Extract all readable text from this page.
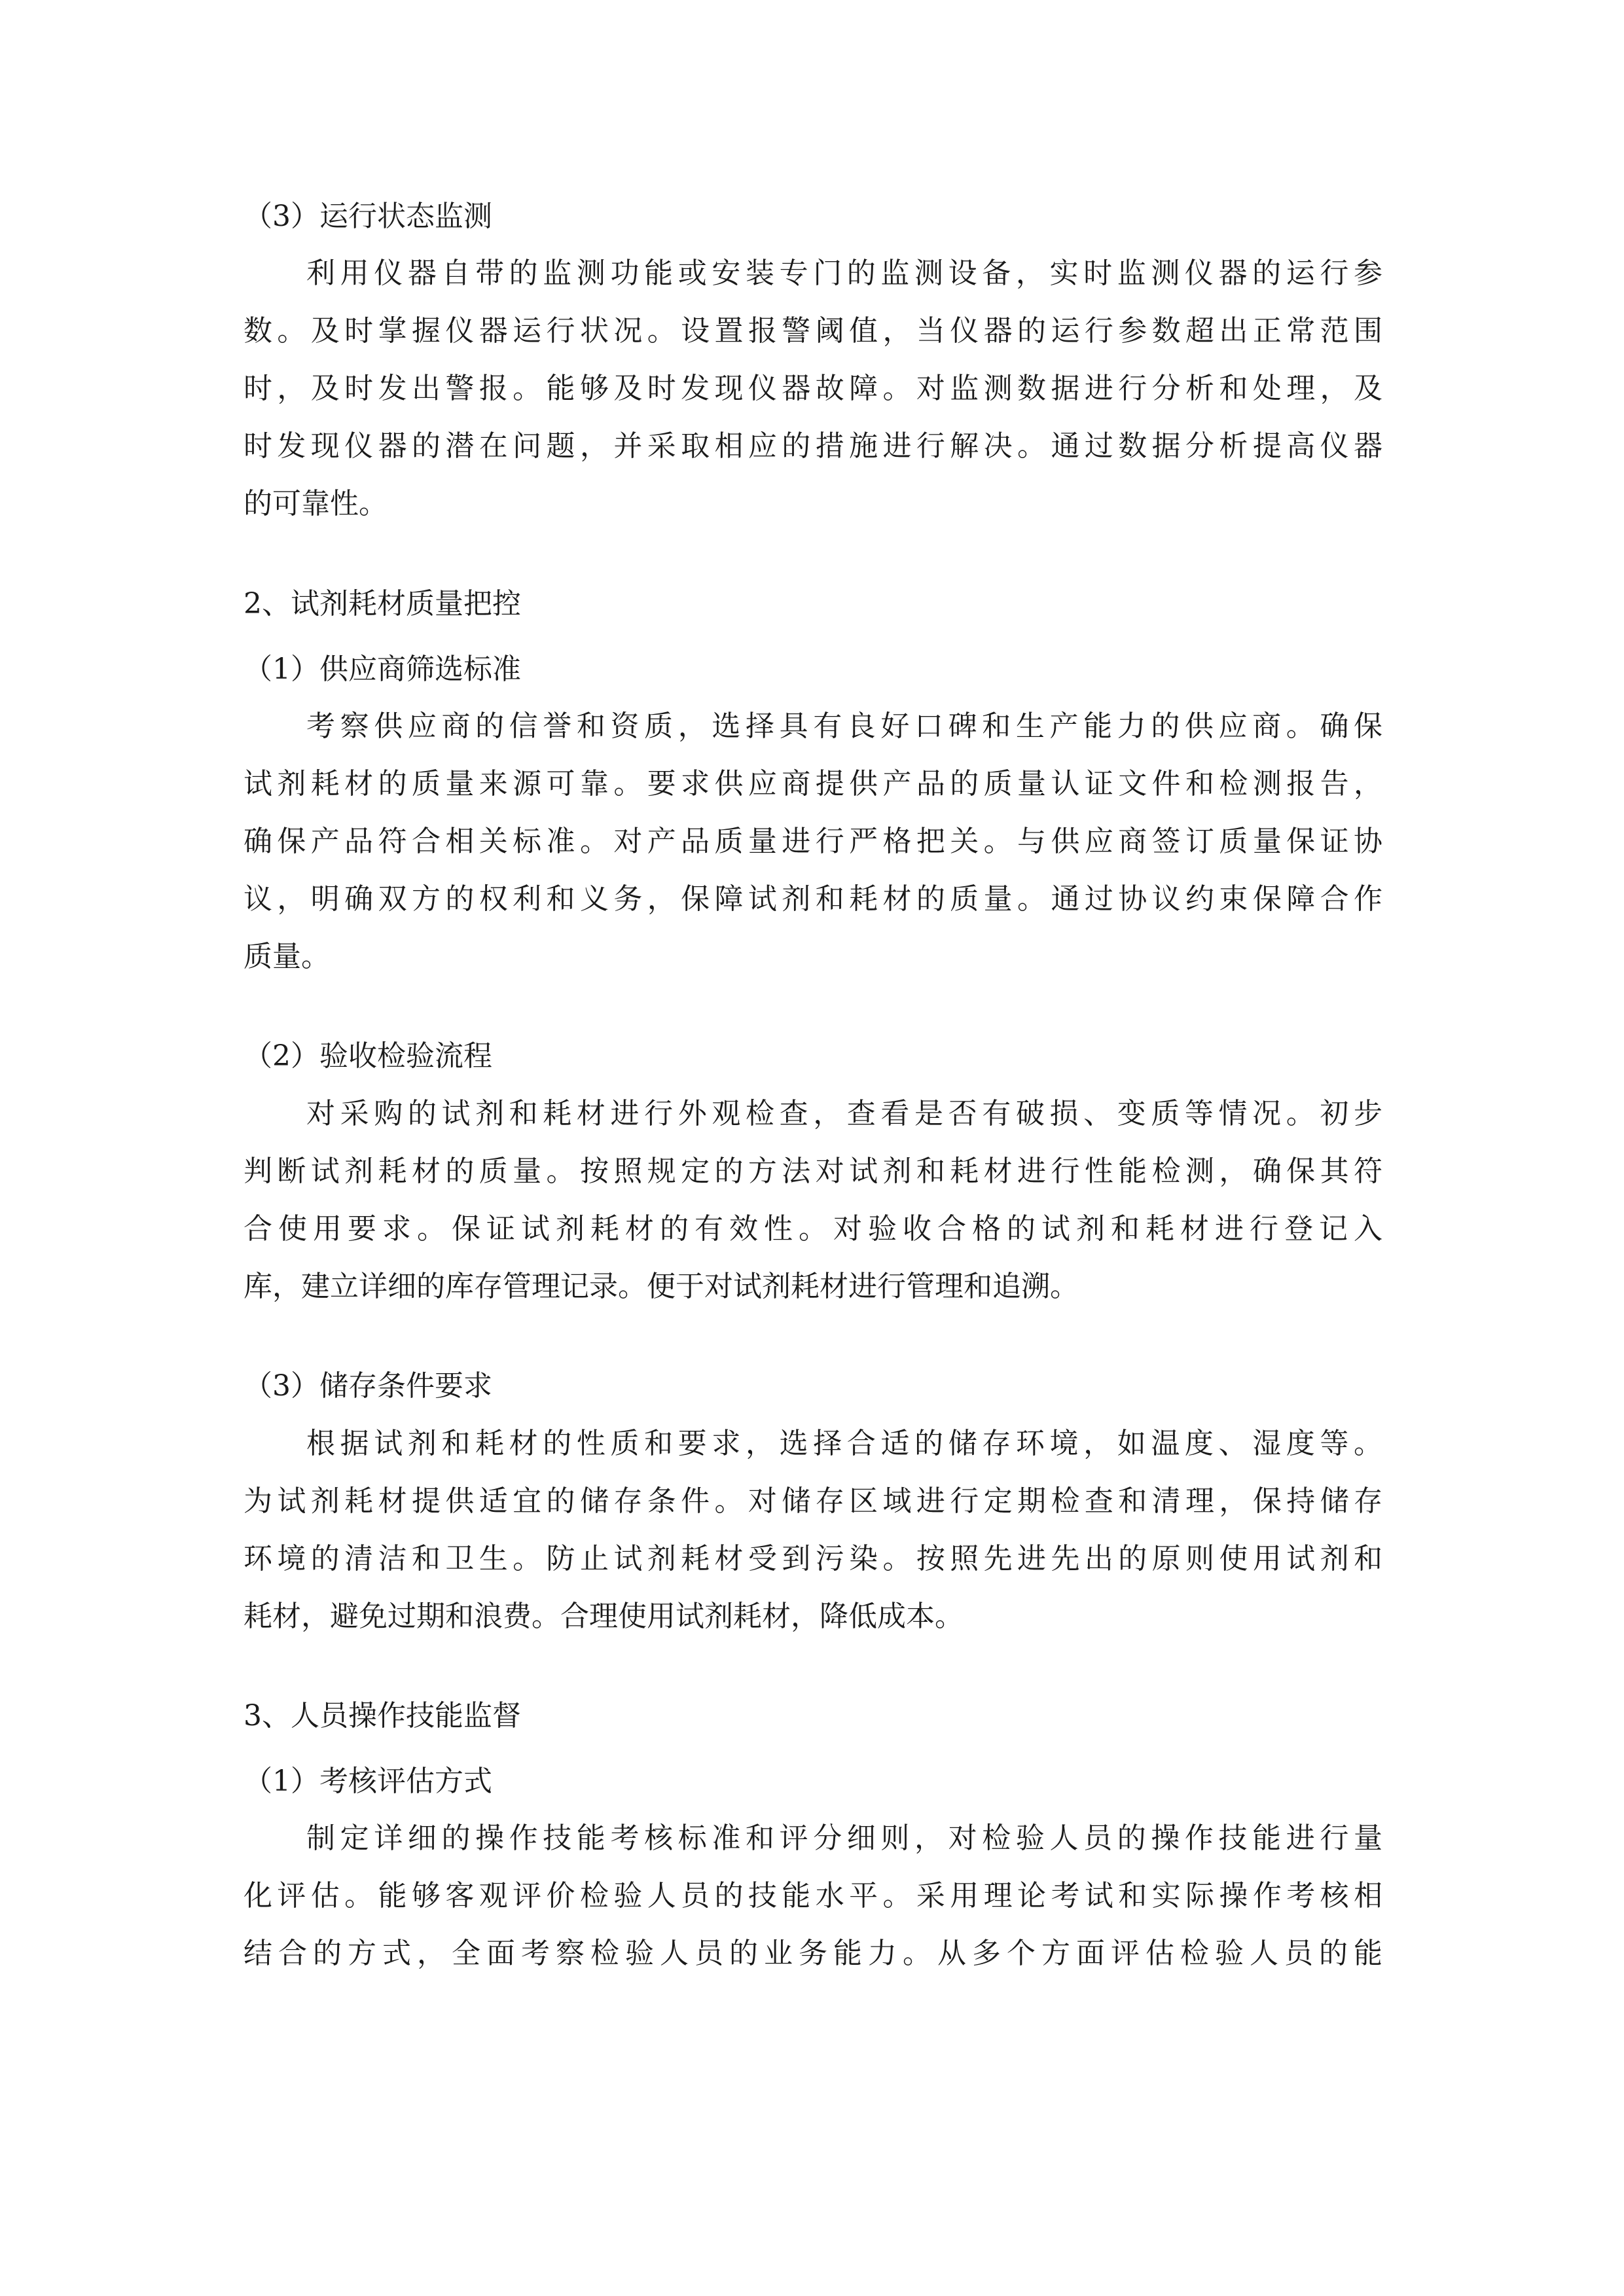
（3）运行状态监测

利用仪器自带的监测功能或安装专门的监测设备，实时监测仪器的运行参

数。及时掌握仪器运行状况。设置报警阈值，当仪器的运行参数超出正常范围

时，及时发出警报。能够及时发现仪器故障。对监测数据进行分析和处理，及

时发现仪器的潜在问题，并采取相应的措施进行解决。通过数据分析提高仪器

的可靠性。

2、试剂耗材质量把控

（1）供应商筛选标准

考察供应商的信誉和资质，选择具有良好口碑和生产能力的供应商。确保

试剂耗材的质量来源可靠。要求供应商提供产品的质量认证文件和检测报告，

确保产品符合相关标准。对产品质量进行严格把关。与供应商签订质量保证协

议，明确双方的权利和义务，保障试剂和耗材的质量。通过协议约束保障合作

质量。

（2）验收检验流程

对采购的试剂和耗材进行外观检查，查看是否有破损、变质等情况。初步

判断试剂耗材的质量。按照规定的方法对试剂和耗材进行性能检测，确保其符

合使用要求。保证试剂耗材的有效性。对验收合格的试剂和耗材进行登记入

库，建立详细的库存管理记录。便于对试剂耗材进行管理和追溯。

（3）储存条件要求

根据试剂和耗材的性质和要求，选择合适的储存环境，如温度、湿度等。

为试剂耗材提供适宜的储存条件。对储存区域进行定期检查和清理，保持储存

环境的清洁和卫生。防止试剂耗材受到污染。按照先进先出的原则使用试剂和

耗材，避免过期和浪费。合理使用试剂耗材，降低成本。

3、人员操作技能监督

（1）考核评估方式

制定详细的操作技能考核标准和评分细则，对检验人员的操作技能进行量

化评估。能够客观评价检验人员的技能水平。采用理论考试和实际操作考核相

结合的方式，全面考察检验人员的业务能力。从多个方面评估检验人员的能
